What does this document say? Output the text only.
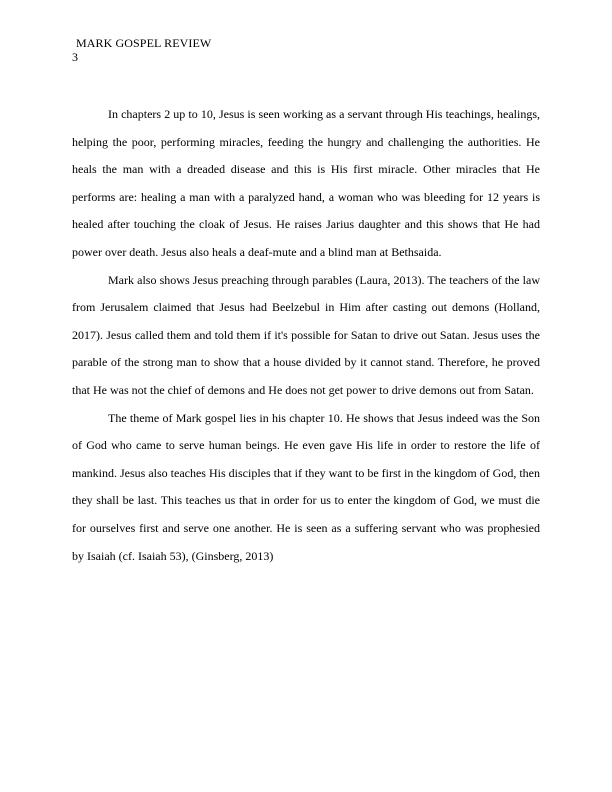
MARK GOSPEL REVIEW
3

In chapters 2 up to 10, Jesus is seen working as a servant through His teachings, healings, helping the poor, performing miracles, feeding the hungry and challenging the authorities. He heals the man with a dreaded disease and this is His first miracle. Other miracles that He performs are: healing a man with a paralyzed hand, a woman who was bleeding for 12 years is healed after touching the cloak of Jesus. He raises Jarius daughter and this shows that He had power over death. Jesus also heals a deaf-mute and a blind man at Bethsaida.

Mark also shows Jesus preaching through parables (Laura, 2013). The teachers of the law from Jerusalem claimed that Jesus had Beelzebul in Him after casting out demons (Holland, 2017). Jesus called them and told them if it's possible for Satan to drive out Satan. Jesus uses the parable of the strong man to show that a house divided by it cannot stand. Therefore, he proved that He was not the chief of demons and He does not get power to drive demons out from Satan.

The theme of Mark gospel lies in his chapter 10. He shows that Jesus indeed was the Son of God who came to serve human beings. He even gave His life in order to restore the life of mankind. Jesus also teaches His disciples that if they want to be first in the kingdom of God, then they shall be last. This teaches us that in order for us to enter the kingdom of God, we must die for ourselves first and serve one another. He is seen as a suffering servant who was prophesied by Isaiah (cf. Isaiah 53), (Ginsberg, 2013)
